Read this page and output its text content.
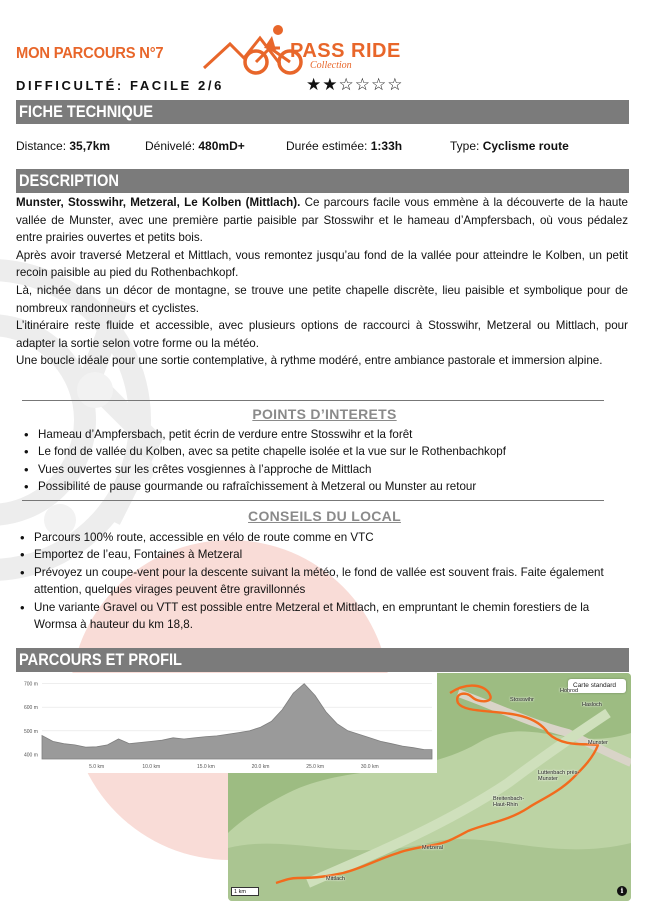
MON PARCOURS N°7	PASS RIDE
Collection
DIFFICULTÉ: FACILE 2/6	★★☆☆☆☆
FICHE TECHNIQUE
Distance: 35,7km	Dénivelé: 480mD+	Durée estimée: 1:33h	Type: Cyclisme route
DESCRIPTION

Munster, Stosswihr, Metzeral, Le Kolben (Mittlach). Ce parcours facile vous emmène à la découverte de la haute vallée de Munster, avec une première partie paisible par Stosswihr et le hameau d’Ampfersbach, où vous pédalez entre prairies ouvertes et petits bois.

Après avoir traversé Metzeral et Mittlach, vous remontez jusqu’au fond de la vallée pour atteindre le Kolben, un petit recoin paisible au pied du Rothenbachkopf.

Là, nichée dans un décor de montagne, se trouve une petite chapelle discrète, lieu paisible et symbolique pour de nombreux randonneurs et cyclistes.

L’itinéraire reste fluide et accessible, avec plusieurs options de raccourci à Stosswihr, Metzeral ou Mittlach, pour adapter la sortie selon votre forme ou la météo.

Une boucle idéale pour une sortie contemplative, à rythme modéré, entre ambiance pastorale et immersion alpine.

POINTS D’INTERETS
• Hameau d’Ampfersbach, petit écrin de verdure entre Stosswihr et la forêt
• Le fond de vallée du Kolben, avec sa petite chapelle isolée et la vue sur le Rothenbachkopf
• Vues ouvertes sur les crêtes vosgiennes à l’approche de Mittlach
• Possibilité de pause gourmande ou rafraîchissement à Metzeral ou Munster au retour
CONSEILS DU LOCAL
• Parcours 100% route, accessible en vélo de route comme en VTC
• Emportez de l’eau, Fontaines à Metzeral
• Prévoyez un coupe-vent pour la descente suivant la météo, le fond de vallée est souvent frais. Faite également attention, quelques virages peuvent être gravillonnés
• Une variante Gravel ou VTT est possible entre Metzeral et Mittlach, en empruntant le chemin forestiers de la Wormsa à hauteur du km 18,8.
PARCOURS ET PROFIL
Carte standard
1 km	i
Stosswihr
Hohrod
Hasloch
Munster
Luttenbach près-Munster
Breitenbach-Haut-Rhin
Metzeral
Mittlach
400 m
500 m
600 m
700 m
5.0 km	10.0 km	15.0 km	20.0 km	25.0 km	30.0 km
